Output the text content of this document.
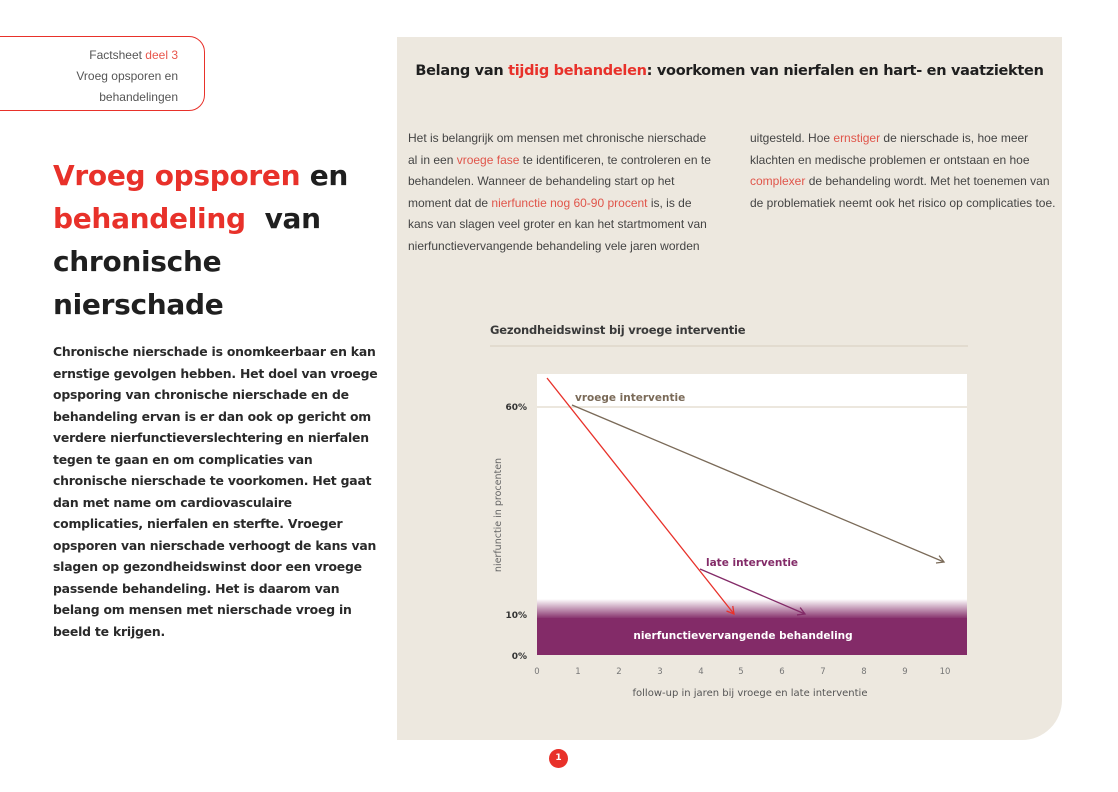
Factsheet deel 3
Vroeg opsporen en
behandelingen
Vroeg opsporen en
behandeling  van
chronische nierschade

Chronische nierschade is onomkeerbaar en kan ernstige gevolgen hebben. Het doel van vroege opsporing van chronische nierschade en de behandeling ervan is er dan ook op gericht om verdere nierfunctieverslechtering en nierfalen tegen te gaan en om complicaties van chronische nierschade te voorkomen. Het gaat dan met name om cardiovasculaire complicaties, nierfalen en sterfte. Vroeger opsporen van nierschade verhoogt de kans van slagen op gezondheidswinst door een vroege passende behandeling. Het is daarom van belang om mensen met nierschade vroeg in beeld te krijgen.

Belang van tijdig behandelen: voorkomen van nierfalen en hart- en vaatziekten

Het is belangrijk om mensen met chronische nierschade al in een vroege fase te identificeren, te controleren en te behandelen. Wanneer de behandeling start op het moment dat de nierfunctie nog 60-90 procent is, is de kans van slagen veel groter en kan het startmoment van nierfunctievervangende behandeling vele jaren worden

uitgesteld. Hoe ernstiger de nierschade is, hoe meer klachten en medische problemen er ontstaan en hoe complexer de behandeling wordt. Met het toenemen van de problematiek neemt ook het risico op complicaties toe.

Gezondheidswinst bij vroege interventie
nierfunctievervangende behandeling
vroege interventie
late interventie
60%
10%
0%
nierfunctie in procenten
0	1	2	3	4	5	6	7	8	9	10
follow-up in jaren bij vroege en late interventie
1
